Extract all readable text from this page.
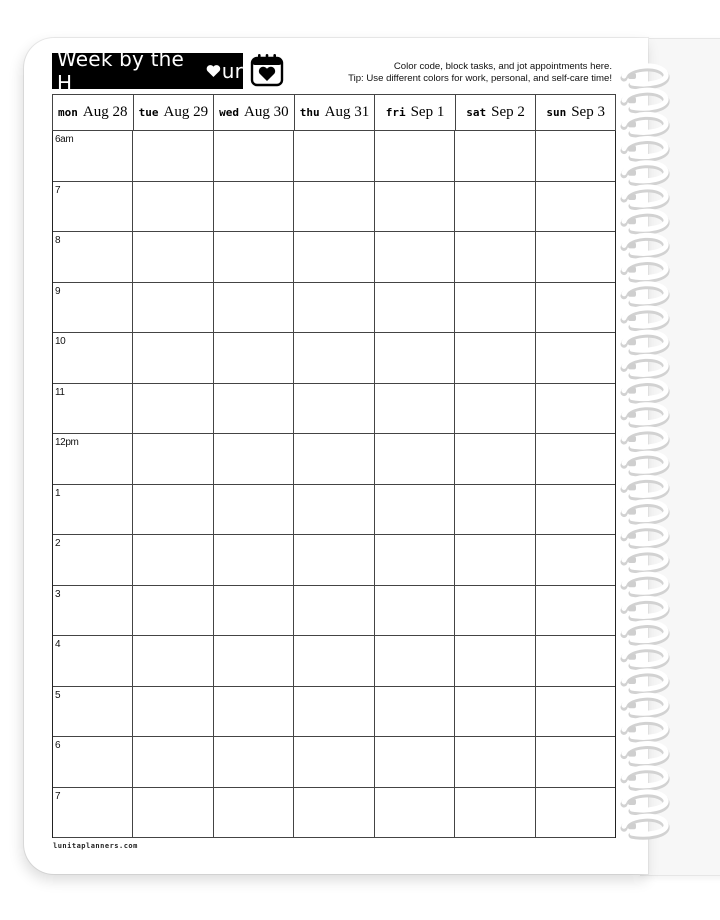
Week by the H	ur	Color code, block tasks, and jot appointments here.
Tip: Use different colors for work, personal, and self-care time!
mon Aug 28 tue Aug 29 wed Aug 30 thu Aug 31 fri Sep 1 sat Sep 2 sun Sep 3
6am
7
8
9
10
11
12pm
1
2
3
4
5
6
7
lunitaplanners.com
